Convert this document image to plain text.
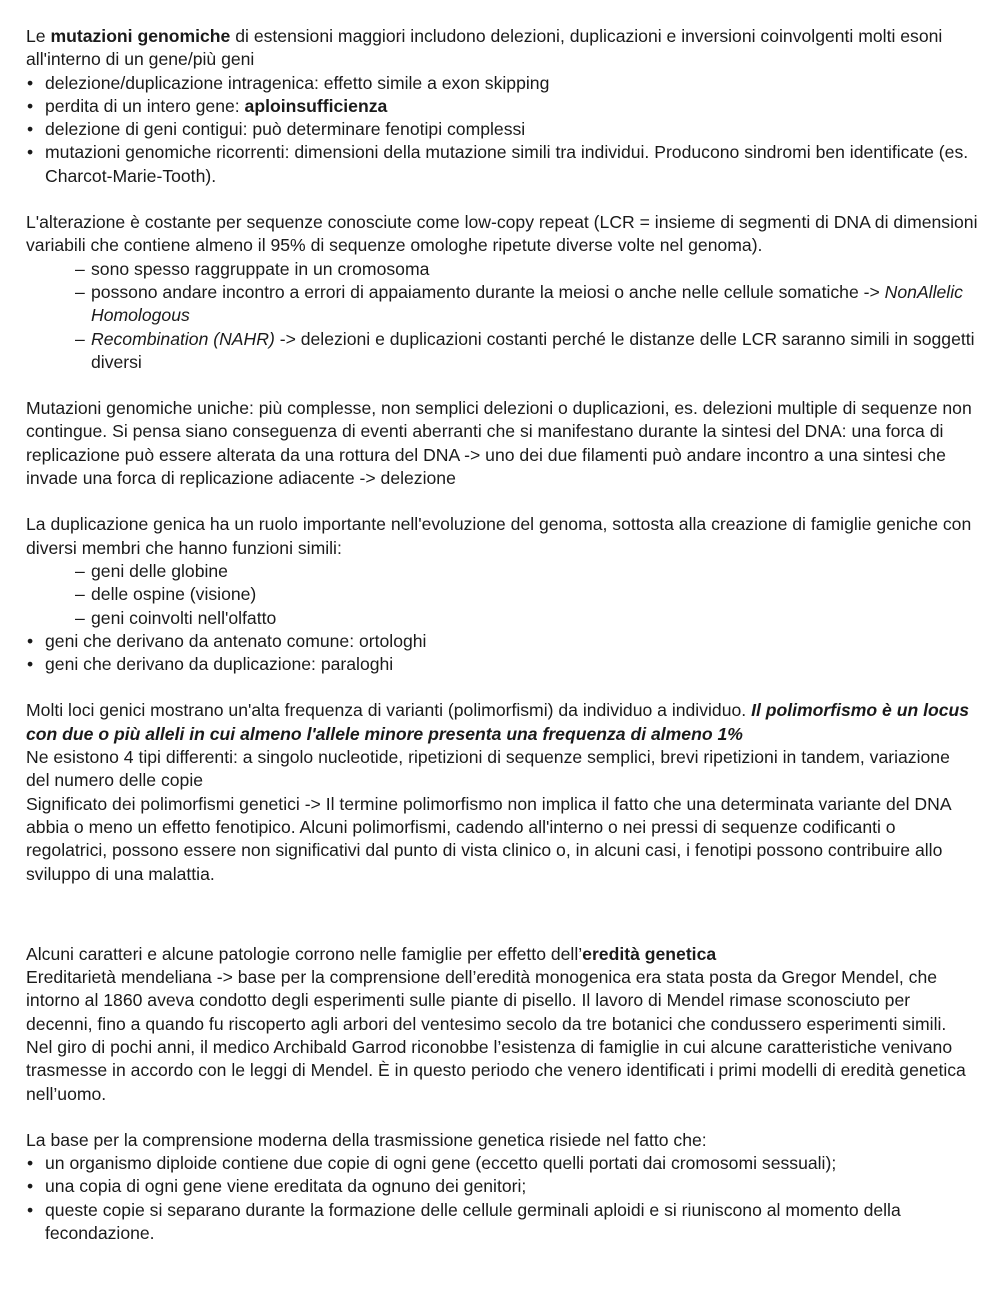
Le mutazioni genomiche di estensioni maggiori includono delezioni, duplicazioni e inversioni coinvolgenti molti esoni all'interno di un gene/più geni

• delezione/duplicazione intragenica: effetto simile a exon skipping
• perdita di un intero gene: aploinsufficienza
• delezione di geni contigui: può determinare fenotipi complessi
• mutazioni genomiche ricorrenti: dimensioni della mutazione simili tra individui. Producono sindromi ben identificate (es. Charcot-Marie-Tooth).

L'alterazione è costante per sequenze conosciute come low-copy repeat (LCR = insieme di segmenti di DNA di dimensioni variabili che contiene almeno il 95% di sequenze omologhe ripetute diverse volte nel genoma).

– sono spesso raggruppate in un cromosoma
– possono andare incontro a errori di appaiamento durante la meiosi o anche nelle cellule somatiche -> NonAllelic Homologous
– Recombination (NAHR) -> delezioni e duplicazioni costanti perché le distanze delle LCR saranno simili in soggetti diversi

Mutazioni genomiche uniche: più complesse, non semplici delezioni o duplicazioni, es. delezioni multiple di sequenze non contingue. Si pensa siano conseguenza di eventi aberranti che si manifestano durante la sintesi del DNA: una forca di replicazione può essere alterata da una rottura del DNA -> uno dei due filamenti può andare incontro a una sintesi che invade una forca di replicazione adiacente -> delezione

La duplicazione genica ha un ruolo importante nell'evoluzione del genoma, sottosta alla creazione di famiglie geniche con diversi membri che hanno funzioni simili:

– geni delle globine
– delle ospine (visione)
– geni coinvolti nell'olfatto
• geni che derivano da antenato comune: ortologhi
• geni che derivano da duplicazione: paraloghi

Molti loci genici mostrano un'alta frequenza di varianti (polimorfismi) da individuo a individuo. Il polimorfismo è un locus con due o più alleli in cui almeno l'allele minore presenta una frequenza di almeno 1%

Ne esistono 4 tipi differenti: a singolo nucleotide, ripetizioni di sequenze semplici, brevi ripetizioni in tandem, variazione del numero delle copie

Significato dei polimorfismi genetici -> Il termine polimorfismo non implica il fatto che una determinata variante del DNA abbia o meno un effetto fenotipico. Alcuni polimorfismi, cadendo all'interno o nei pressi di sequenze codificanti o regolatrici, possono essere non significativi dal punto di vista clinico o, in alcuni casi, i fenotipi possono contribuire allo sviluppo di una malattia.

Alcuni caratteri e alcune patologie corrono nelle famiglie per effetto dell’eredità genetica

Ereditarietà mendeliana -> base per la comprensione dell’eredità monogenica era stata posta da Gregor Mendel, che intorno al 1860 aveva condotto degli esperimenti sulle piante di pisello. Il lavoro di Mendel rimase sconosciuto per decenni, fino a quando fu riscoperto agli arbori del ventesimo secolo da tre botanici che condussero esperimenti simili.

Nel giro di pochi anni, il medico Archibald Garrod riconobbe l’esistenza di famiglie in cui alcune caratteristiche venivano trasmesse in accordo con le leggi di Mendel. È in questo periodo che venero identificati i primi modelli di eredità genetica nell’uomo.

La base per la comprensione moderna della trasmissione genetica risiede nel fatto che:

• un organismo diploide contiene due copie di ogni gene (eccetto quelli portati dai cromosomi sessuali);
• una copia di ogni gene viene ereditata da ognuno dei genitori;
• queste copie si separano durante la formazione delle cellule germinali aploidi e si riuniscono al momento della fecondazione.
